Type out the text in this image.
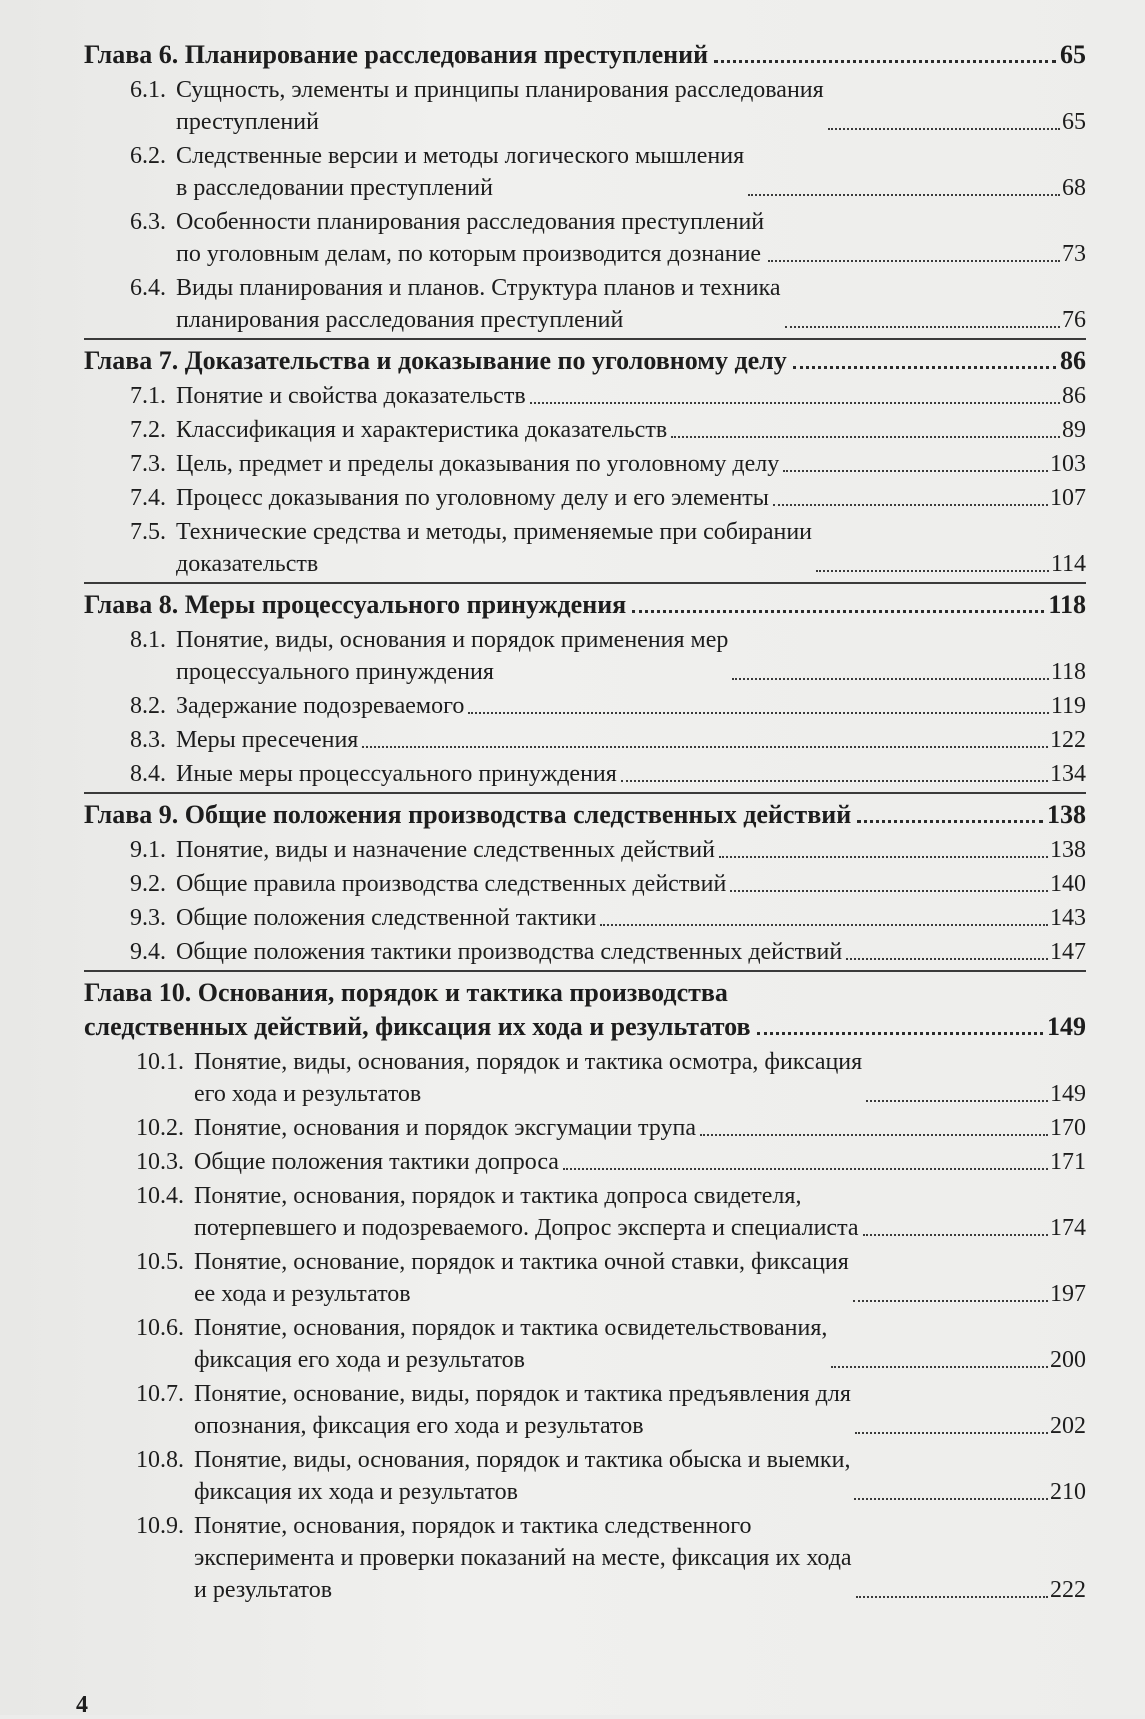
Глава 6. Планирование расследования преступлений	65
6.1. Сущность, элементы и принципы планирования расследования
преступлений	65
6.2. Следственные версии и методы логического мышления
в расследовании преступлений	68
6.3. Особенности планирования расследования преступлений
по уголовным делам, по которым производится дознание	73
6.4. Виды планирования и планов. Структура планов и техника
планирования расследования преступлений	76
Глава 7. Доказательства и доказывание по уголовному делу	86
7.1. Понятие и свойства доказательств	86
7.2. Классификация и характеристика доказательств	89
7.3. Цель, предмет и пределы доказывания по уголовному делу	103
7.4. Процесс доказывания по уголовному делу и его элементы	107
7.5. Технические средства и методы, применяемые при собирании
доказательств	114
Глава 8. Меры процессуального принуждения	118
8.1. Понятие, виды, основания и порядок применения мер
процессуального принуждения	118
8.2. Задержание подозреваемого	119
8.3. Меры пресечения	122
8.4. Иные меры процессуального принуждения	134
Глава 9. Общие положения производства следственных действий	138
9.1. Понятие, виды и назначение следственных действий	138
9.2. Общие правила производства следственных действий	140
9.3. Общие положения следственной тактики	143
9.4. Общие положения тактики производства следственных действий	147
Глава 10. Основания, порядок и тактика производства
следственных действий, фиксация их хода и результатов	149
10.1. Понятие, виды, основания, порядок и тактика осмотра, фиксация
его хода и результатов	149
10.2. Понятие, основания и порядок эксгумации трупа	170
10.3. Общие положения тактики допроса	171
10.4. Понятие, основания, порядок и тактика допроса свидетеля,
потерпевшего и подозреваемого. Допрос эксперта и специалиста	174
10.5. Понятие, основание, порядок и тактика очной ставки, фиксация
ее хода и результатов	197
10.6. Понятие, основания, порядок и тактика освидетельствования,
фиксация его хода и результатов	200
10.7. Понятие, основание, виды, порядок и тактика предъявления для
опознания, фиксация его хода и результатов	202
10.8. Понятие, виды, основания, порядок и тактика обыска и выемки,
фиксация их хода и результатов	210
10.9. Понятие, основания, порядок и тактика следственного
эксперимента и проверки показаний на месте, фиксация их хода
и результатов	222
4
